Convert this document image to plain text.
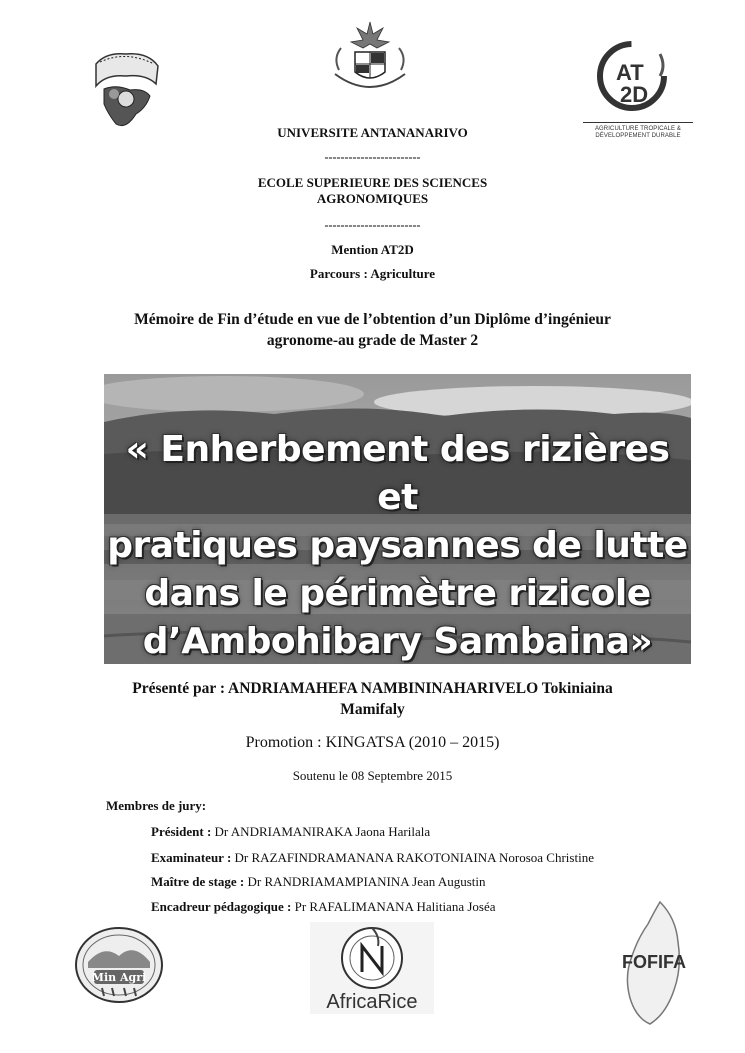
AT
2D
AGRICULTURE TROPICALE &
DÉVELOPPEMENT DURABLE
UNIVERSITE ANTANANARIVO
------------------------
ECOLE SUPERIEURE DES SCIENCES
AGRONOMIQUES
------------------------
Mention AT2D
Parcours : Agriculture
Mémoire de Fin d’étude en vue de l’obtention d’un Diplôme d’ingénieur
agronome-au grade de Master 2
« Enherbement des rizières et
pratiques paysannes de lutte
dans le périmètre rizicole
d’Ambohibary Sambaina»
Présenté par : ANDRIAMAHEFA NAMBININAHARIVELO Tokiniaina
Mamifaly
Promotion : KINGATSA (2010 – 2015)
Soutenu le 08 Septembre 2015
Membres de jury:
Président : Dr ANDRIAMANIRAKA Jaona Harilala
Examinateur : Dr RAZAFINDRAMANANA RAKOTONIAINA Norosoa Christine
Maître de stage : Dr RANDRIAMAMPIANINA Jean Augustin
Encadreur pédagogique : Pr RAFALIMANANA Halitiana Joséa
Min Agri
AfricaRice
FOFIFA
